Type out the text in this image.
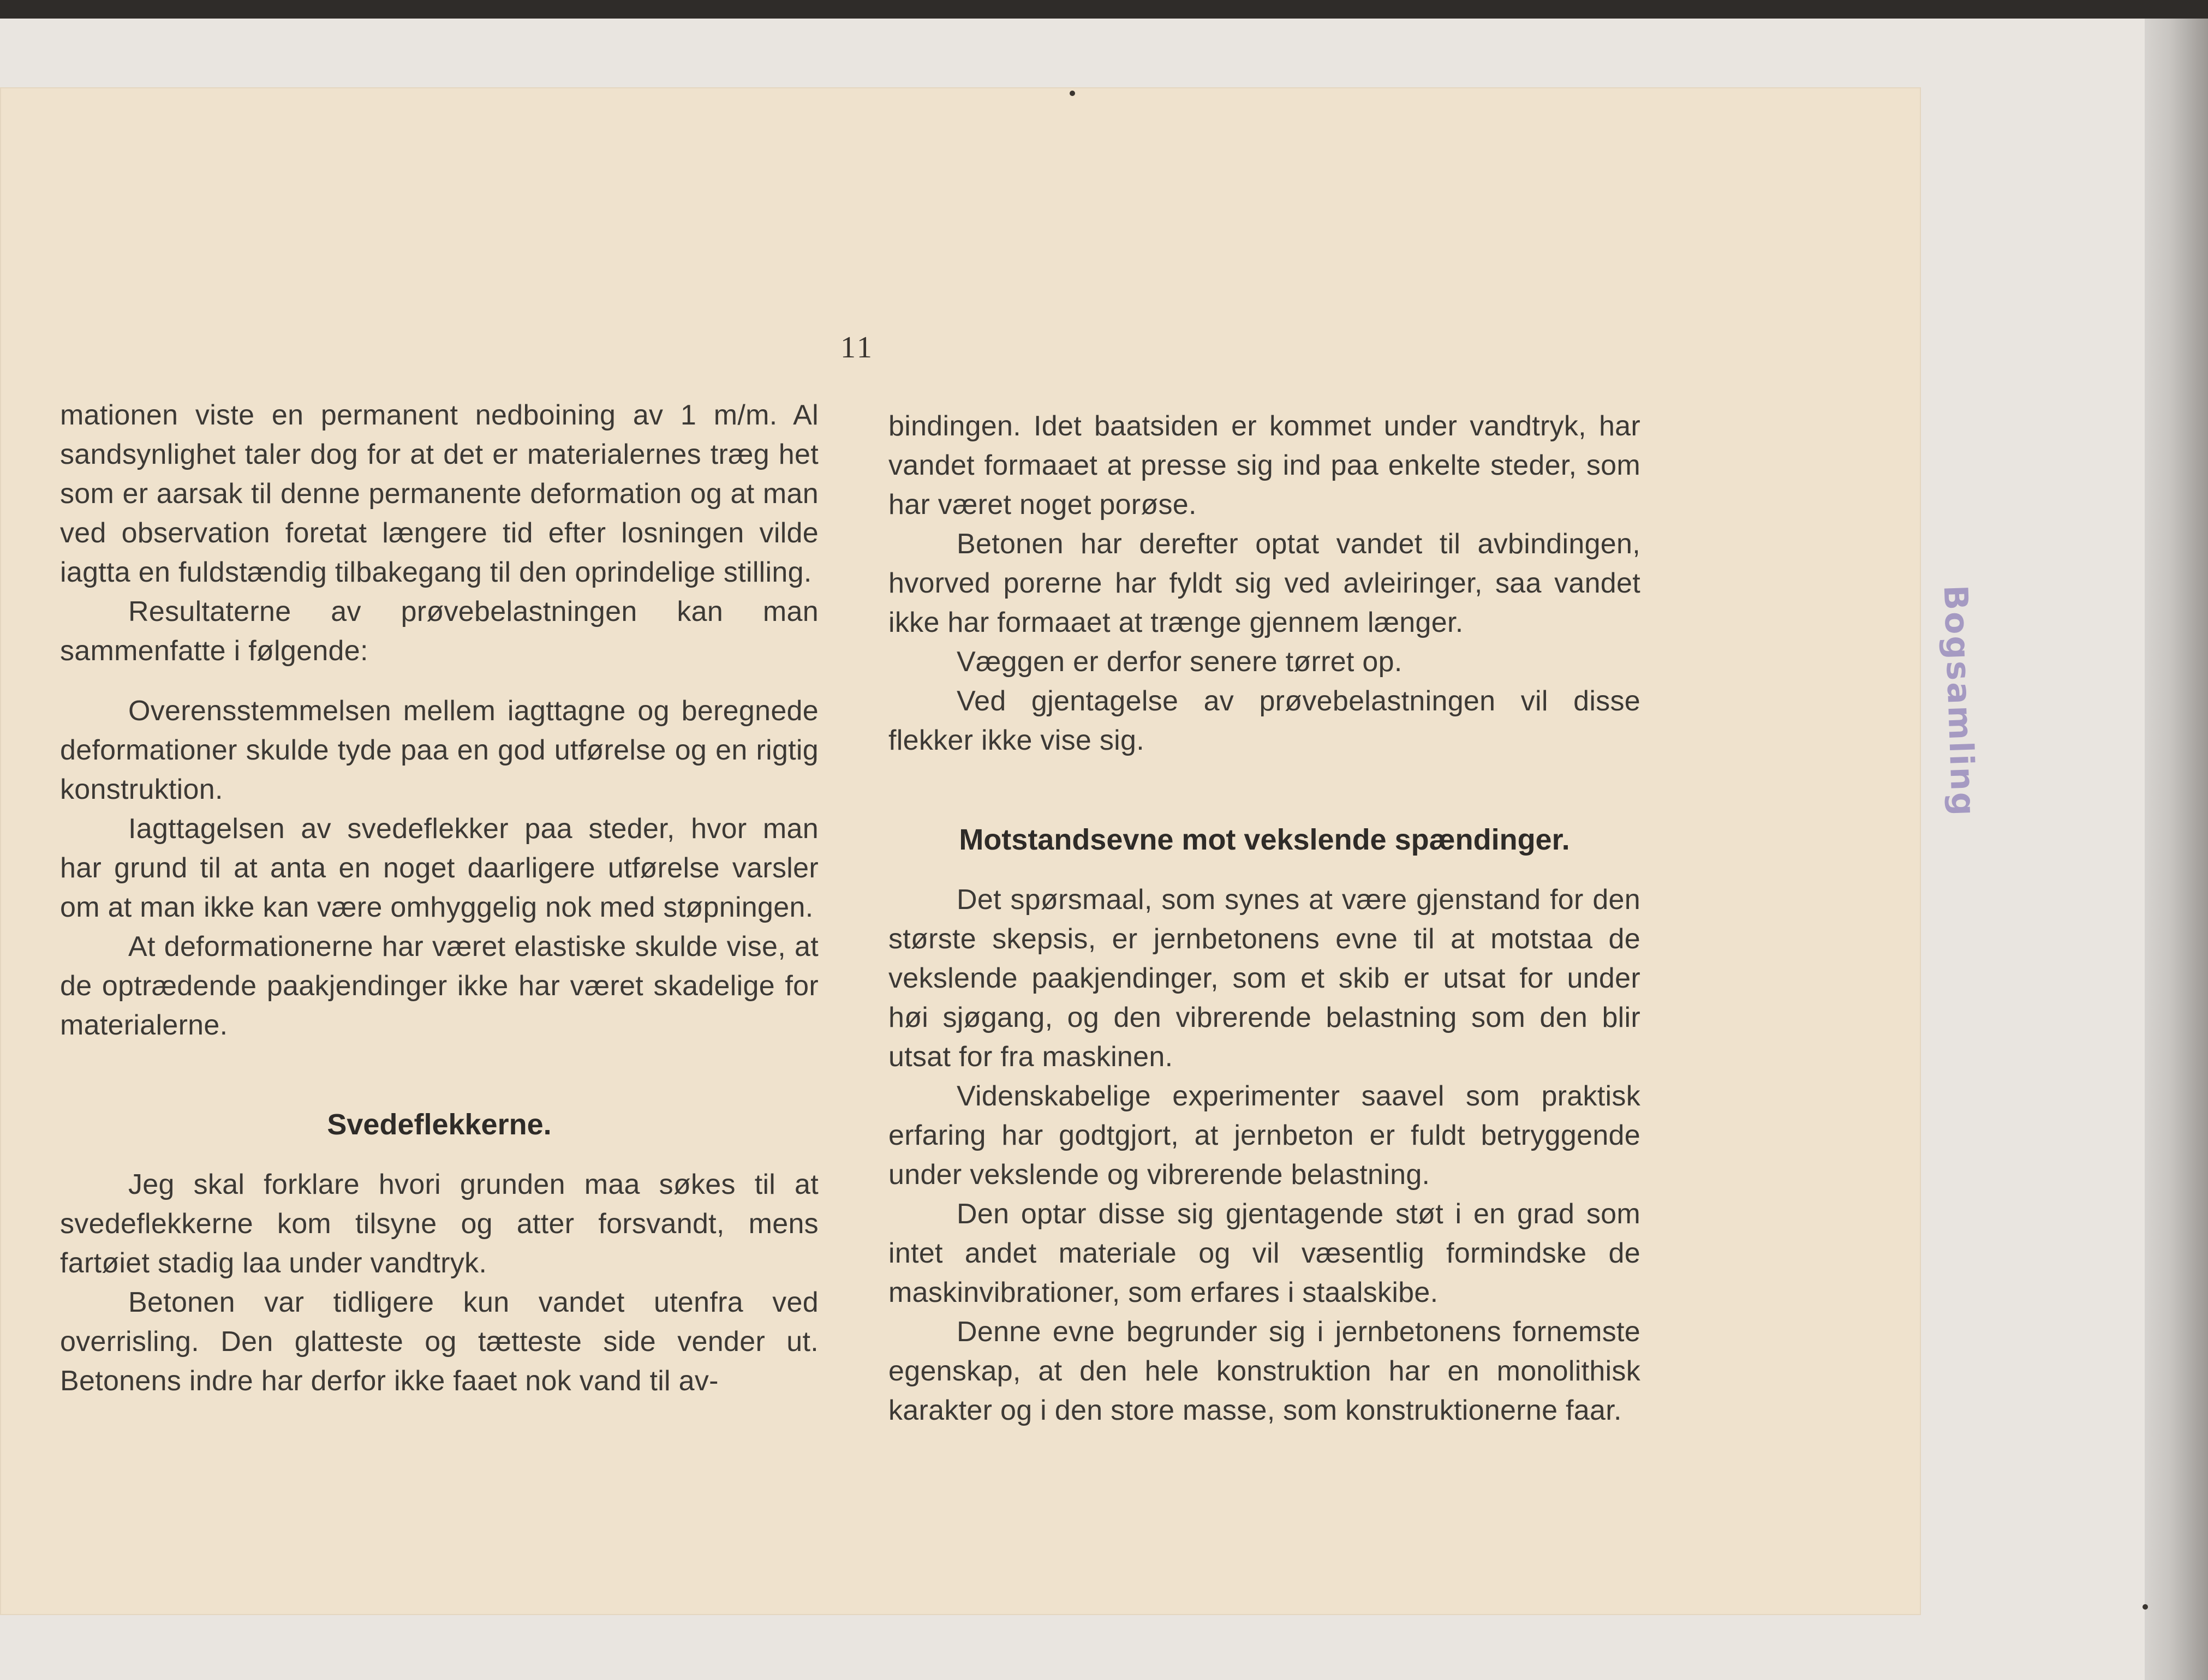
11

mationen viste en permanent nedboining av 1 m/m. Al sandsynlighet taler dog for at det er materialernes træg het som er aarsak til denne permanente deformation og at man ved observation foretat længere tid efter losningen vilde iagtta en fuldstændig tilbakegang til den oprindelige stilling.

Resultaterne av prøvebelastningen kan man sammenfatte i følgende:

Overensstemmelsen mellem iagttagne og beregnede deformationer skulde tyde paa en god utførelse og en rigtig konstruktion.

Iagttagelsen av svedeflekker paa steder, hvor man har grund til at anta en noget daarligere utførelse varsler om at man ikke kan være omhyggelig nok med støpningen.

At deformationerne har været elastiske skulde vise, at de optrædende paakjendinger ikke har været skadelige for materialerne.

Svedeflekkerne.

Jeg skal forklare hvori grunden maa søkes til at svedeflekkerne kom tilsyne og atter forsvandt, mens fartøiet stadig laa under vandtryk.

Betonen var tidligere kun vandet utenfra ved overrisling. Den glatteste og tætteste side vender ut. Betonens indre har derfor ikke faaet nok vand til av-

bindingen. Idet baatsiden er kommet under vandtryk, har vandet formaaet at presse sig ind paa enkelte steder, som har været noget porøse.

Betonen har derefter optat vandet til avbindingen, hvorved porerne har fyldt sig ved avleiringer, saa vandet ikke har formaaet at trænge gjennem længer.

Væggen er derfor senere tørret op.

Ved gjentagelse av prøvebelastningen vil disse flekker ikke vise sig.

Motstandsevne mot vekslende spændinger.

Det spørsmaal, som synes at være gjenstand for den største skepsis, er jernbetonens evne til at motstaa de vekslende paakjendinger, som et skib er utsat for under høi sjøgang, og den vibrerende belastning som den blir utsat for fra maskinen.

Videnskabelige experimenter saavel som praktisk erfaring har godtgjort, at jernbeton er fuldt betryggende under vekslende og vibrerende belastning.

Den optar disse sig gjentagende støt i en grad som intet andet materiale og vil væsentlig formindske de maskinvibrationer, som erfares i staalskibe.

Denne evne begrunder sig i jernbetonens fornemste egenskap, at den hele konstruktion har en monolithisk karakter og i den store masse, som konstruktionerne faar.

Bogsamling
